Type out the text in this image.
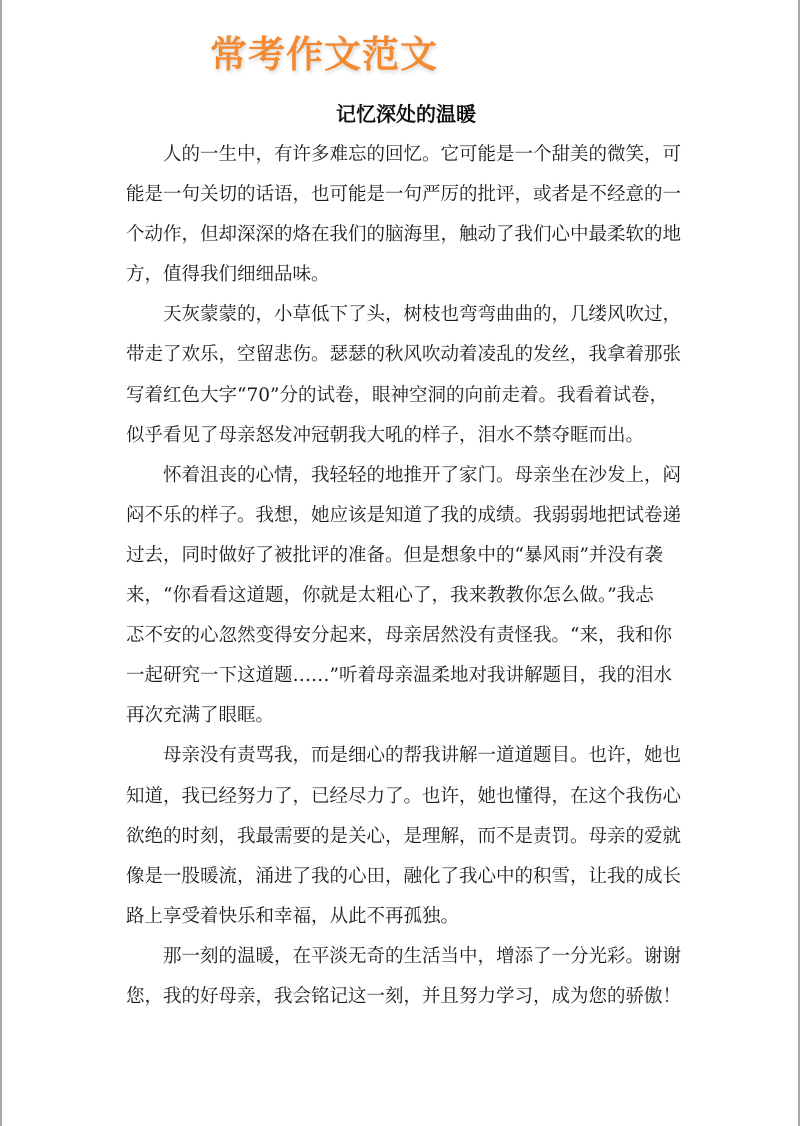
常考作文范文
记忆深处的温暖

人的一生中，有许多难忘的回忆。它可能是一个甜美的微笑，可
能是一句关切的话语，也可能是一句严厉的批评，或者是不经意的一
个动作，但却深深的烙在我们的脑海里，触动了我们心中最柔软的地
方，值得我们细细品味。

天灰蒙蒙的，小草低下了头，树枝也弯弯曲曲的，几缕风吹过，
带走了欢乐，空留悲伤。瑟瑟的秋风吹动着凌乱的发丝，我拿着那张
写着红色大字“70”分的试卷，眼神空洞的向前走着。我看着试卷，
似乎看见了母亲怒发冲冠朝我大吼的样子，泪水不禁夺眶而出。

怀着沮丧的心情，我轻轻的地推开了家门。母亲坐在沙发上，闷
闷不乐的样子。我想，她应该是知道了我的成绩。我弱弱地把试卷递
过去，同时做好了被批评的准备。但是想象中的“暴风雨”并没有袭
来，“你看看这道题，你就是太粗心了，我来教教你怎么做。”我忐
忑不安的心忽然变得安分起来，母亲居然没有责怪我。“来，我和你
一起研究一下这道题……”听着母亲温柔地对我讲解题目，我的泪水
再次充满了眼眶。

母亲没有责骂我，而是细心的帮我讲解一道道题目。也许，她也
知道，我已经努力了，已经尽力了。也许，她也懂得，在这个我伤心
欲绝的时刻，我最需要的是关心，是理解，而不是责罚。母亲的爱就
像是一股暖流，涌进了我的心田，融化了我心中的积雪，让我的成长
路上享受着快乐和幸福，从此不再孤独。

那一刻的温暖，在平淡无奇的生活当中，增添了一分光彩。谢谢
您，我的好母亲，我会铭记这一刻，并且努力学习，成为您的骄傲！
